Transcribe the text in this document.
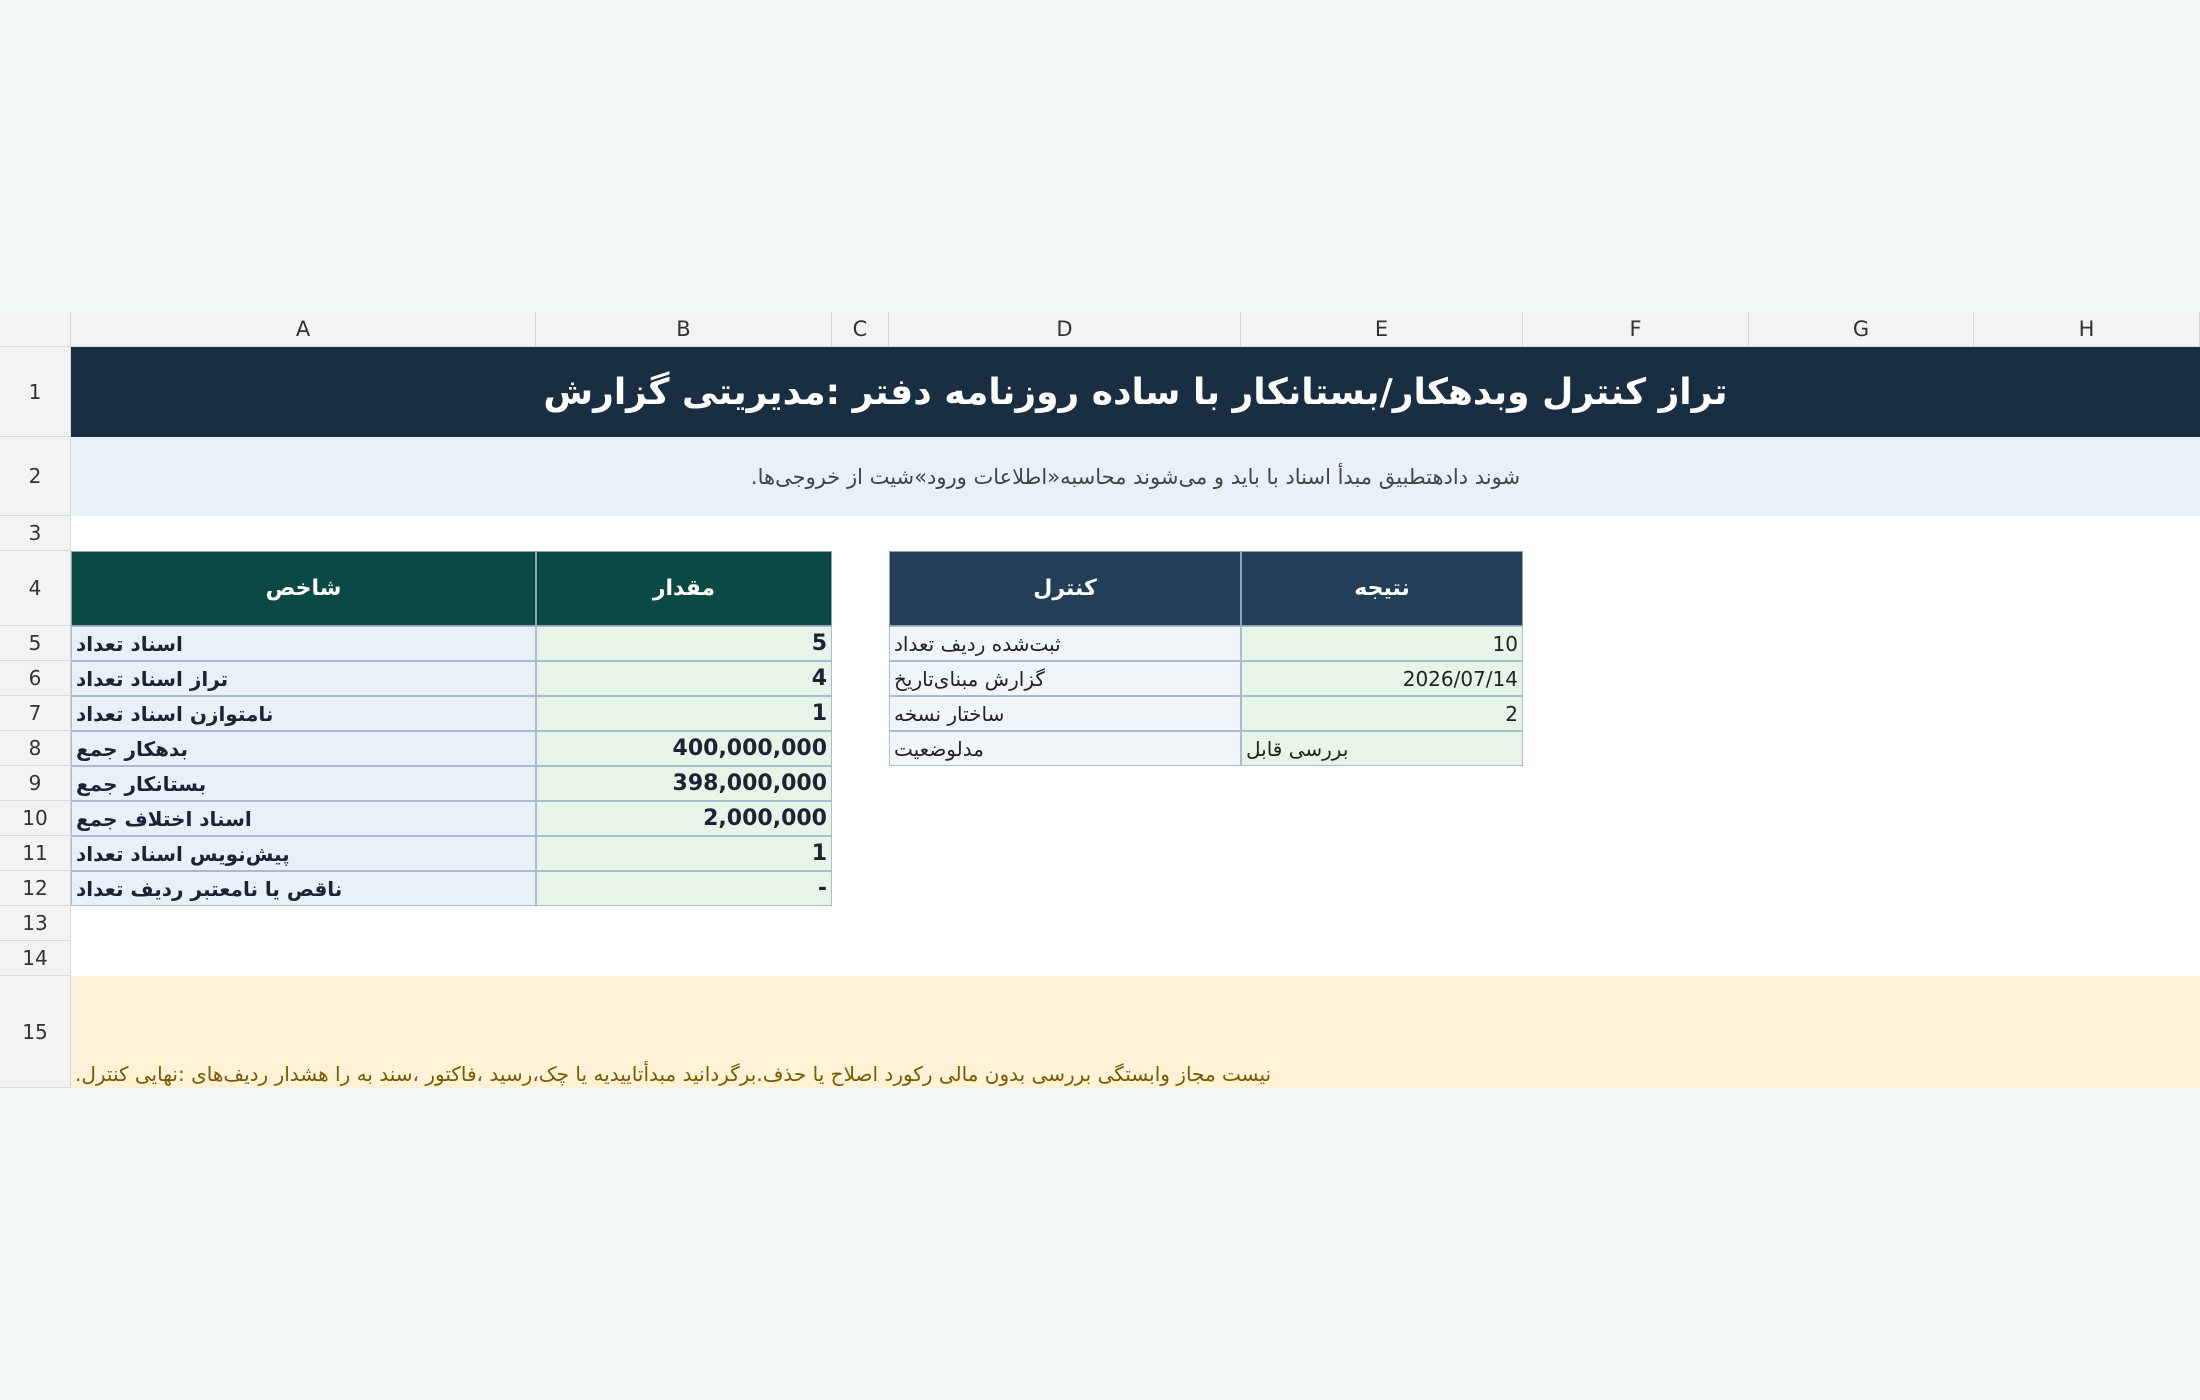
A	B	C	D	E	F	G	H
1
2
3
4
5
6
7
8
9
10
11
12
13
14
15
تراز کنترل وبدهکار/بستانکار با ساده روزنامه دفتر :مدیریتی گزارش
.شوند دادهتطبیق مبدأ اسناد با باید و می‌شوند محاسبه«اطلاعات ورود»شیت از خروجی‌ها
شاخص	مقدار
اسناد تعداد	5
تراز اسناد تعداد	4
نامتوازن اسناد تعداد	1
بدهکار جمع	400,000,000
بستانکار جمع	398,000,000
اسناد اختلاف جمع	2,000,000
پیش‌نویس اسناد تعداد	1
ناقص یا نامعتبر ردیف تعداد	-
کنترل	نتیجه
ثبت‌شده ردیف تعداد	10
گزارش مبنای‌تاریخ	2026/07/14
ساختار نسخه	2
مدلوضعیت	بررسی قابل
.نیست مجاز وابستگی بررسی بدون مالی رکورد اصلاح یا حذف.برگردانید مبدأتاییدیه یا چک،رسید ،فاکتور ،سند به را هشدار ردیف‌های :نهایی کنترل
